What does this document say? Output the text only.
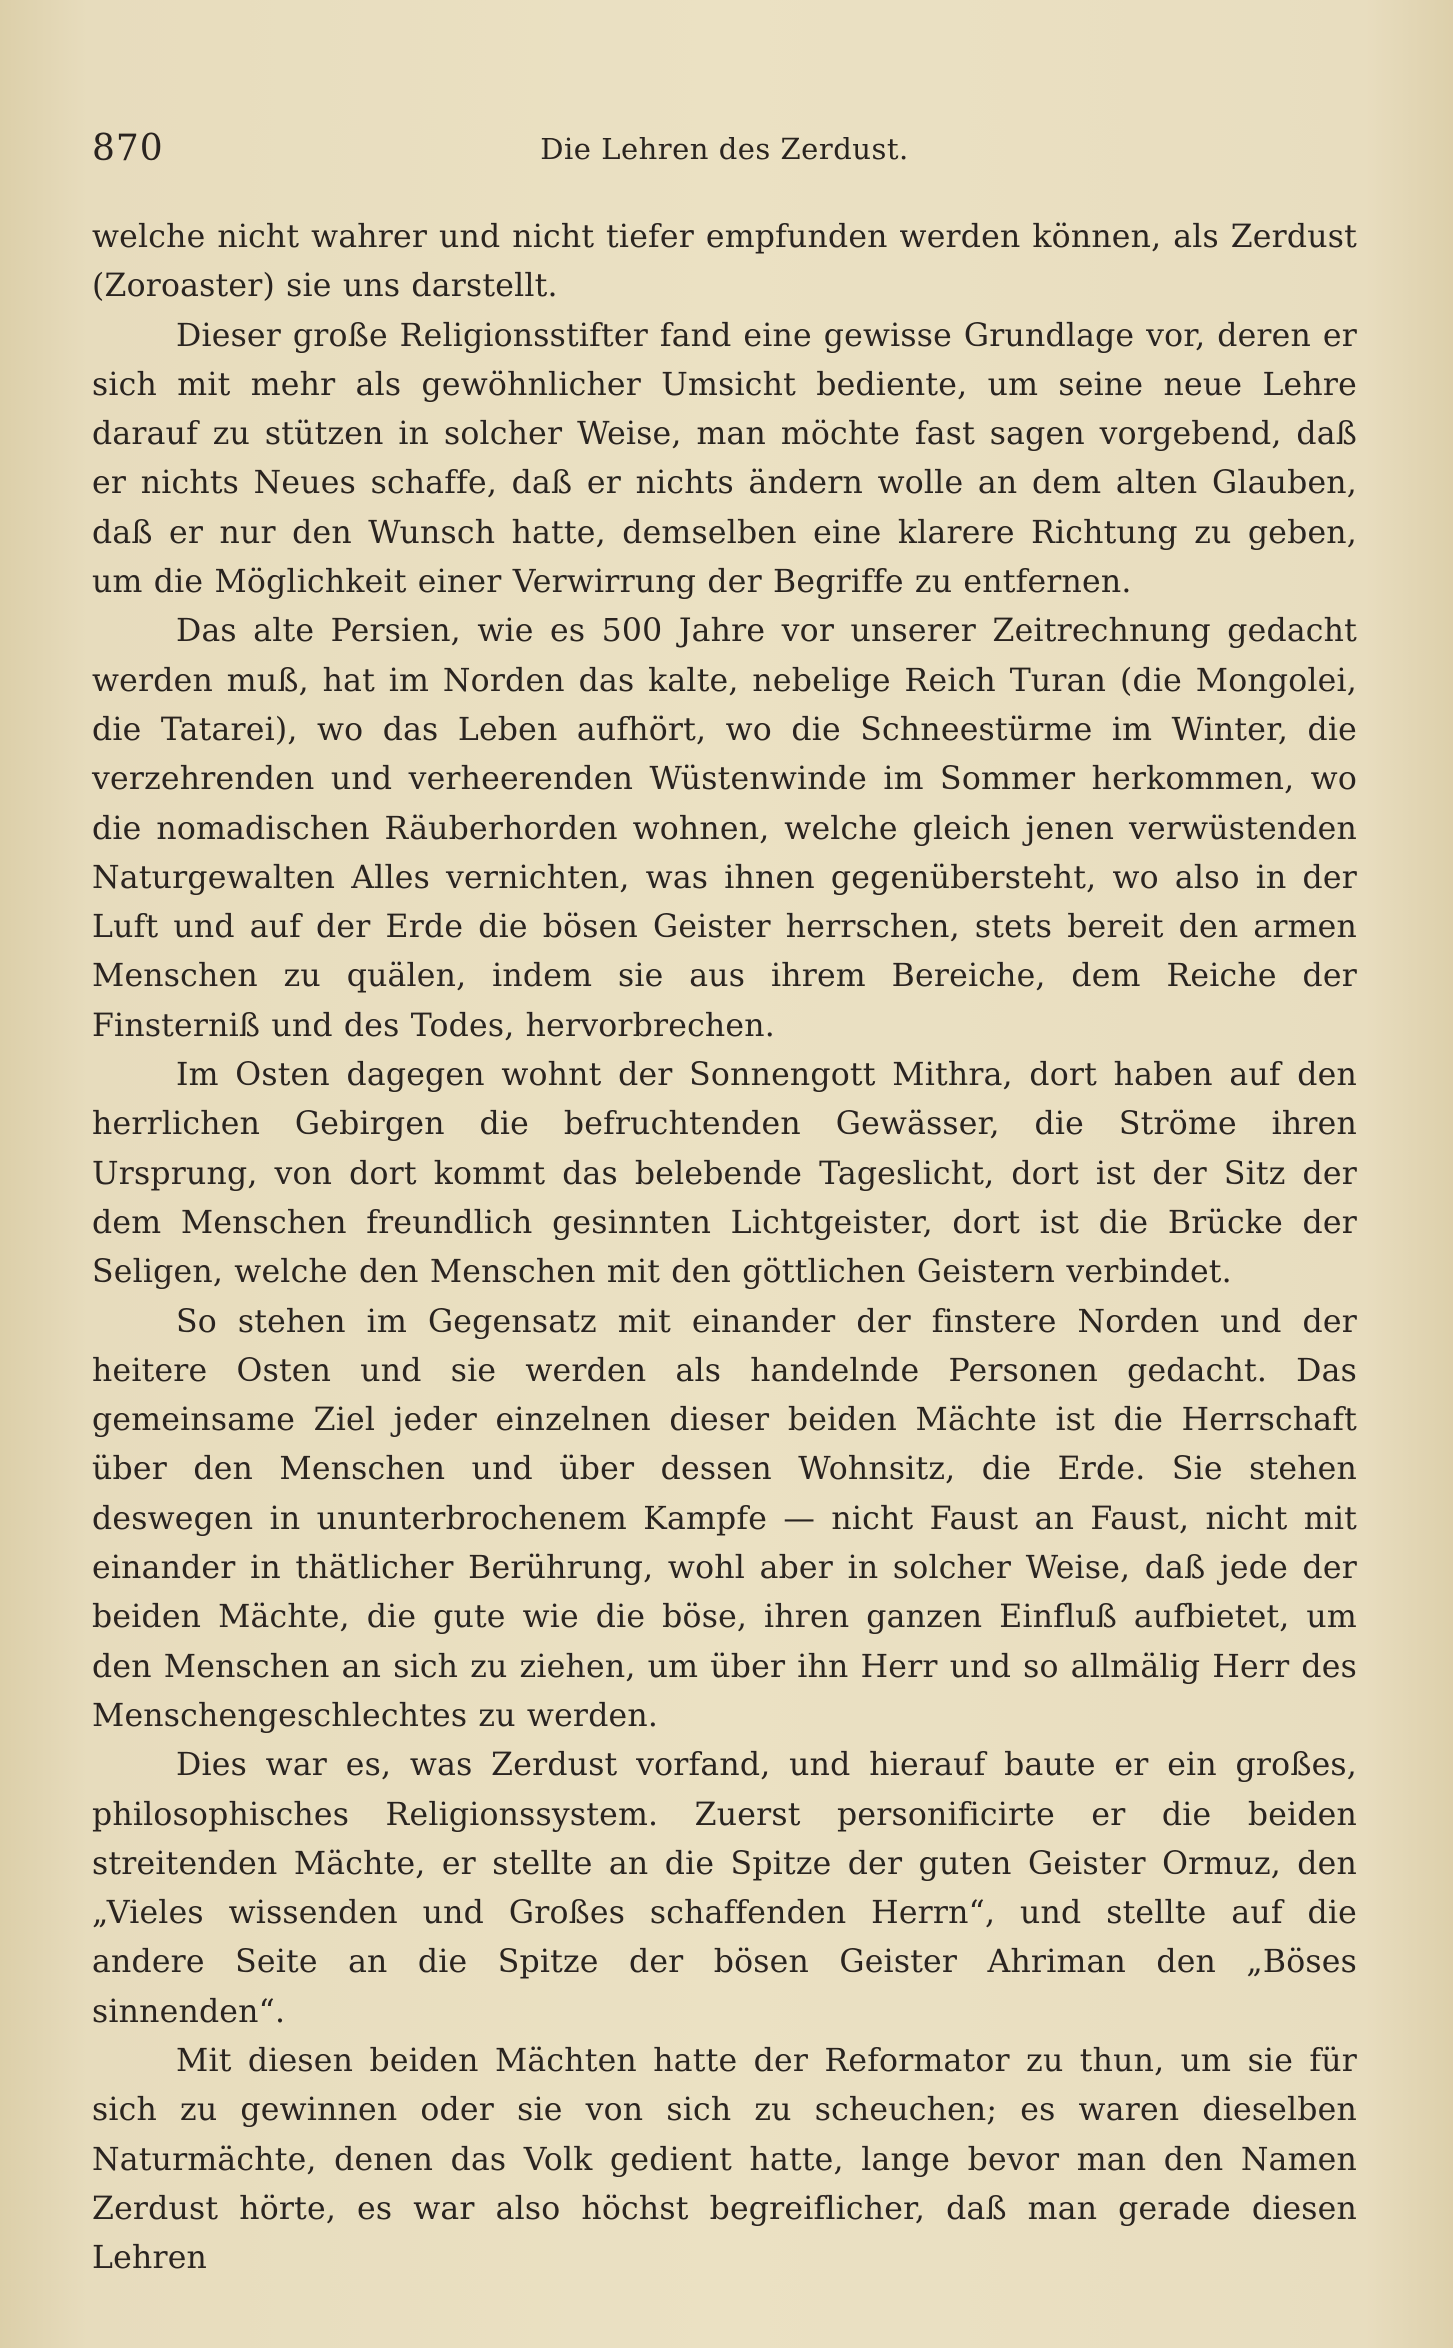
870	Die Lehren des Zerdust.

welche nicht wahrer und nicht tiefer empfunden werden können, als Zerdust (Zoroaster) sie uns darstellt.

Dieser große Religionsstifter fand eine gewisse Grundlage vor, deren er sich mit mehr als gewöhnlicher Umsicht bediente, um seine neue Lehre darauf zu stützen in solcher Weise, man möchte fast sagen vorgebend, daß er nichts Neues schaffe, daß er nichts ändern wolle an dem alten Glauben, daß er nur den Wunsch hatte, demselben eine klarere Richtung zu geben, um die Möglichkeit einer Verwirrung der Begriffe zu entfernen.

Das alte Persien, wie es 500 Jahre vor unserer Zeitrechnung gedacht werden muß, hat im Norden das kalte, nebelige Reich Turan (die Mongolei, die Tatarei), wo das Leben aufhört, wo die Schneestürme im Winter, die verzehrenden und verheerenden Wüstenwinde im Sommer herkommen, wo die nomadischen Räuberhorden wohnen, welche gleich jenen verwüstenden Naturgewalten Alles vernichten, was ihnen gegenübersteht, wo also in der Luft und auf der Erde die bösen Geister herrschen, stets bereit den armen Menschen zu quälen, indem sie aus ihrem Bereiche, dem Reiche der Finsterniß und des Todes, hervorbrechen.

Im Osten dagegen wohnt der Sonnengott Mithra, dort haben auf den herrlichen Gebirgen die befruchtenden Gewässer, die Ströme ihren Ursprung, von dort kommt das belebende Tageslicht, dort ist der Sitz der dem Menschen freundlich gesinnten Lichtgeister, dort ist die Brücke der Seligen, welche den Menschen mit den göttlichen Geistern verbindet.

So stehen im Gegensatz mit einander der finstere Norden und der heitere Osten und sie werden als handelnde Personen gedacht. Das gemeinsame Ziel jeder einzelnen dieser beiden Mächte ist die Herrschaft über den Menschen und über dessen Wohnsitz, die Erde. Sie stehen deswegen in ununterbrochenem Kampfe — nicht Faust an Faust, nicht mit einander in thätlicher Berührung, wohl aber in solcher Weise, daß jede der beiden Mächte, die gute wie die böse, ihren ganzen Einfluß aufbietet, um den Menschen an sich zu ziehen, um über ihn Herr und so allmälig Herr des Menschengeschlechtes zu werden.

Dies war es, was Zerdust vorfand, und hierauf baute er ein großes, philosophisches Religionssystem. Zuerst personificirte er die beiden streitenden Mächte, er stellte an die Spitze der guten Geister Ormuz, den „Vieles wissenden und Großes schaffenden Herrn“, und stellte auf die andere Seite an die Spitze der bösen Geister Ahriman den „Böses sinnenden“.

Mit diesen beiden Mächten hatte der Reformator zu thun, um sie für sich zu gewinnen oder sie von sich zu scheuchen; es waren dieselben Naturmächte, denen das Volk gedient hatte, lange bevor man den Namen Zerdust hörte, es war also höchst begreiflicher, daß man gerade diesen Lehren
